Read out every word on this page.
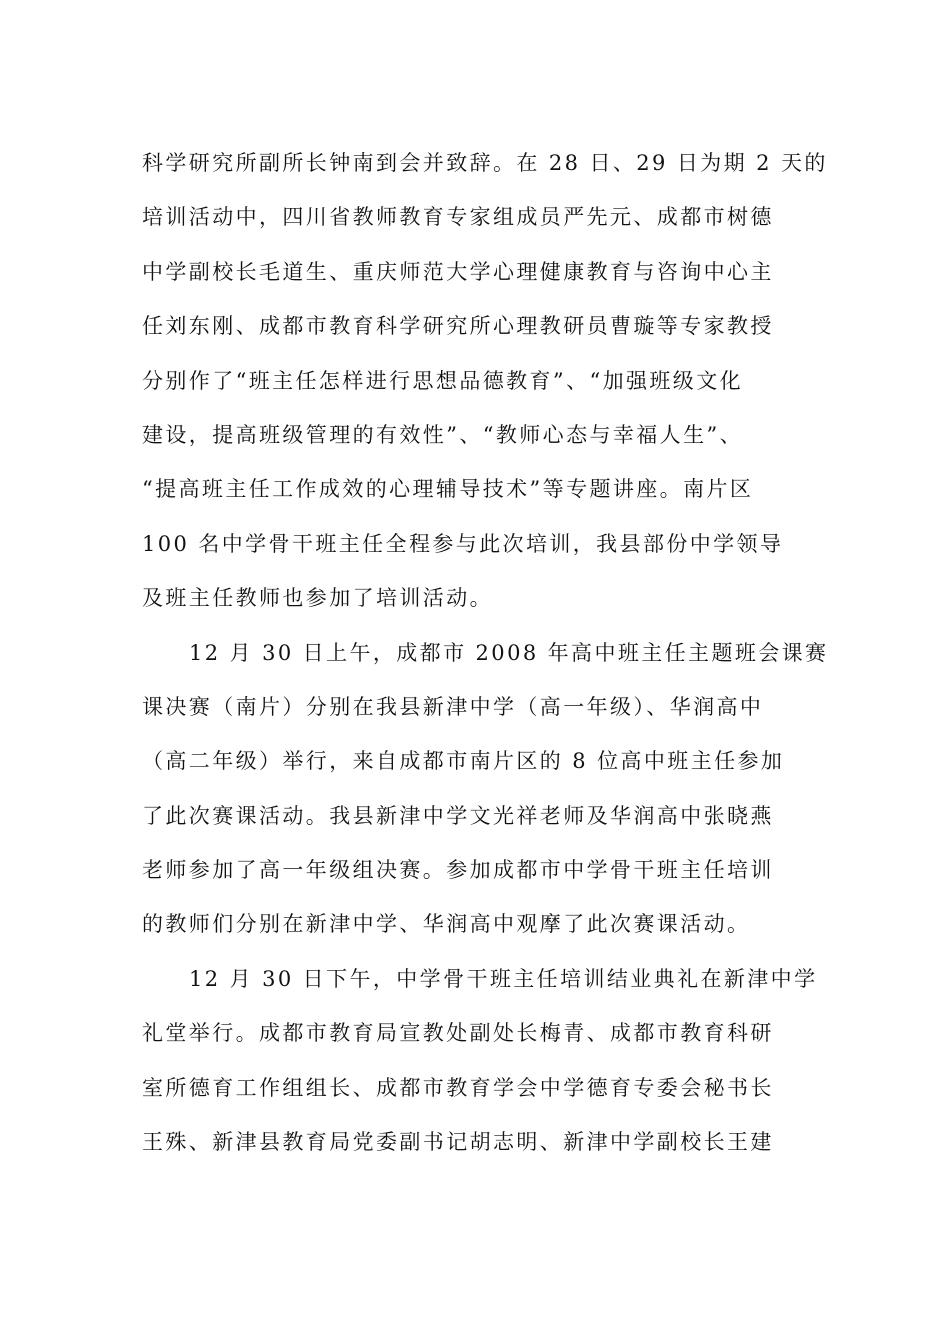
科学研究所副所长钟南到会并致辞。在 28 日、29 日为期 2 天的
培训活动中，四川省教师教育专家组成员严先元、成都市树德
中学副校长毛道生、重庆师范大学心理健康教育与咨询中心主
任刘东刚、成都市教育科学研究所心理教研员曹璇等专家教授
分别作了“班主任怎样进行思想品德教育”、“加强班级文化
建设，提高班级管理的有效性”、“教师心态与幸福人生”、
“提高班主任工作成效的心理辅导技术”等专题讲座。南片区
100 名中学骨干班主任全程参与此次培训，我县部份中学领导
及班主任教师也参加了培训活动。
12 月 30 日上午，成都市 2008 年高中班主任主题班会课赛
课决赛（南片）分别在我县新津中学（高一年级）、华润高中
（高二年级）举行，来自成都市南片区的 8 位高中班主任参加
了此次赛课活动。我县新津中学文光祥老师及华润高中张晓燕
老师参加了高一年级组决赛。参加成都市中学骨干班主任培训
的教师们分别在新津中学、华润高中观摩了此次赛课活动。
12 月 30 日下午，中学骨干班主任培训结业典礼在新津中学
礼堂举行。成都市教育局宣教处副处长梅青、成都市教育科研
室所德育工作组组长、成都市教育学会中学德育专委会秘书长
王殊、新津县教育局党委副书记胡志明、新津中学副校长王建
